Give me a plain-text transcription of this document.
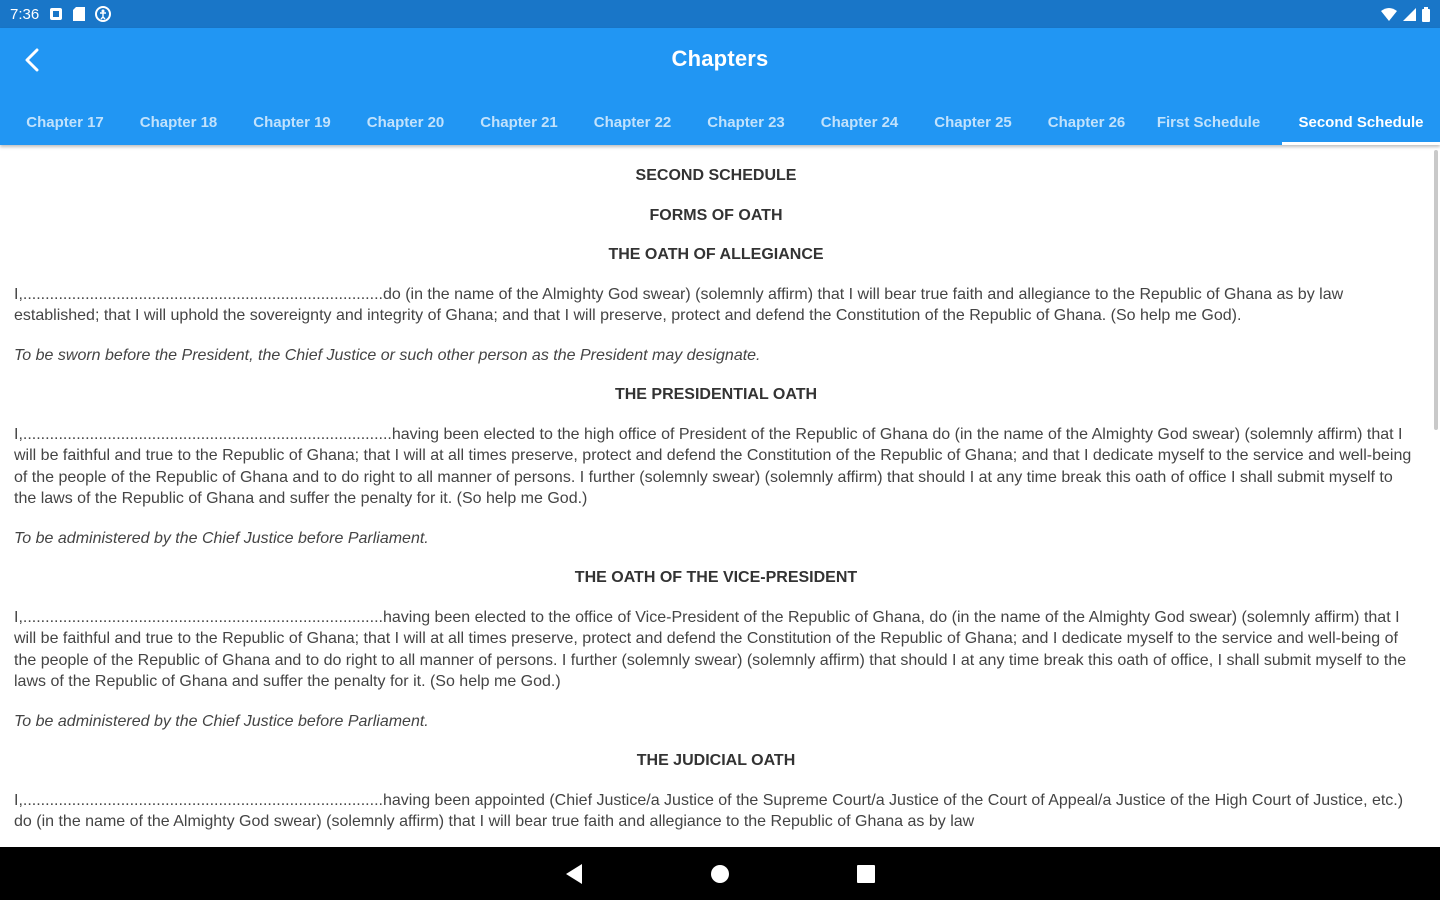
7:36
Chapters
Chapter 17	Chapter 18	Chapter 19	Chapter 20	Chapter 21	Chapter 22	Chapter 23	Chapter 24	Chapter 25	Chapter 26	First Schedule	Second Schedule
SECOND SCHEDULE
FORMS OF OATH
THE OATH OF ALLEGIANCE
I,.................................................................................do (in the name of the Almighty God swear) (solemnly affirm) that I will bear true faith and allegiance to the Republic of Ghana as by law established; that I will uphold the sovereignty and integrity of Ghana; and that I will preserve, protect and defend the Constitution of the Republic of Ghana. (So help me God).
To be sworn before the President, the Chief Justice or such other person as the President may designate.
THE PRESIDENTIAL OATH
I,...................................................................................having been elected to the high office of President of the Republic of Ghana do (in the name of the Almighty God swear) (solemnly affirm) that I will be faithful and true to the Republic of Ghana; that I will at all times preserve, protect and defend the Constitution of the Republic of Ghana; and that I dedicate myself to the service and well-being of the people of the Republic of Ghana and to do right to all manner of persons. I further (solemnly swear) (solemnly affirm) that should I at any time break this oath of office I shall submit myself to the laws of the Republic of Ghana and suffer the penalty for it. (So help me God.)
To be administered by the Chief Justice before Parliament.
THE OATH OF THE VICE-PRESIDENT
I,.................................................................................having been elected to the office of Vice-President of the Republic of Ghana, do (in the name of the Almighty God swear) (solemnly affirm) that I will be faithful and true to the Republic of Ghana; that I will at all times preserve, protect and defend the Constitution of the Republic of Ghana; and I dedicate myself to the service and well-being of the people of the Republic of Ghana and to do right to all manner of persons. I further (solemnly swear) (solemnly affirm) that should I at any time break this oath of office, I shall submit myself to the laws of the Republic of Ghana and suffer the penalty for it. (So help me God.)
To be administered by the Chief Justice before Parliament.
THE JUDICIAL OATH
I,.................................................................................having been appointed (Chief Justice/a Justice of the Supreme Court/a Justice of the Court of Appeal/a Justice of the High Court of Justice, etc.) do (in the name of the Almighty God swear) (solemnly affirm) that I will bear true faith and allegiance to the Republic of Ghana as by law
